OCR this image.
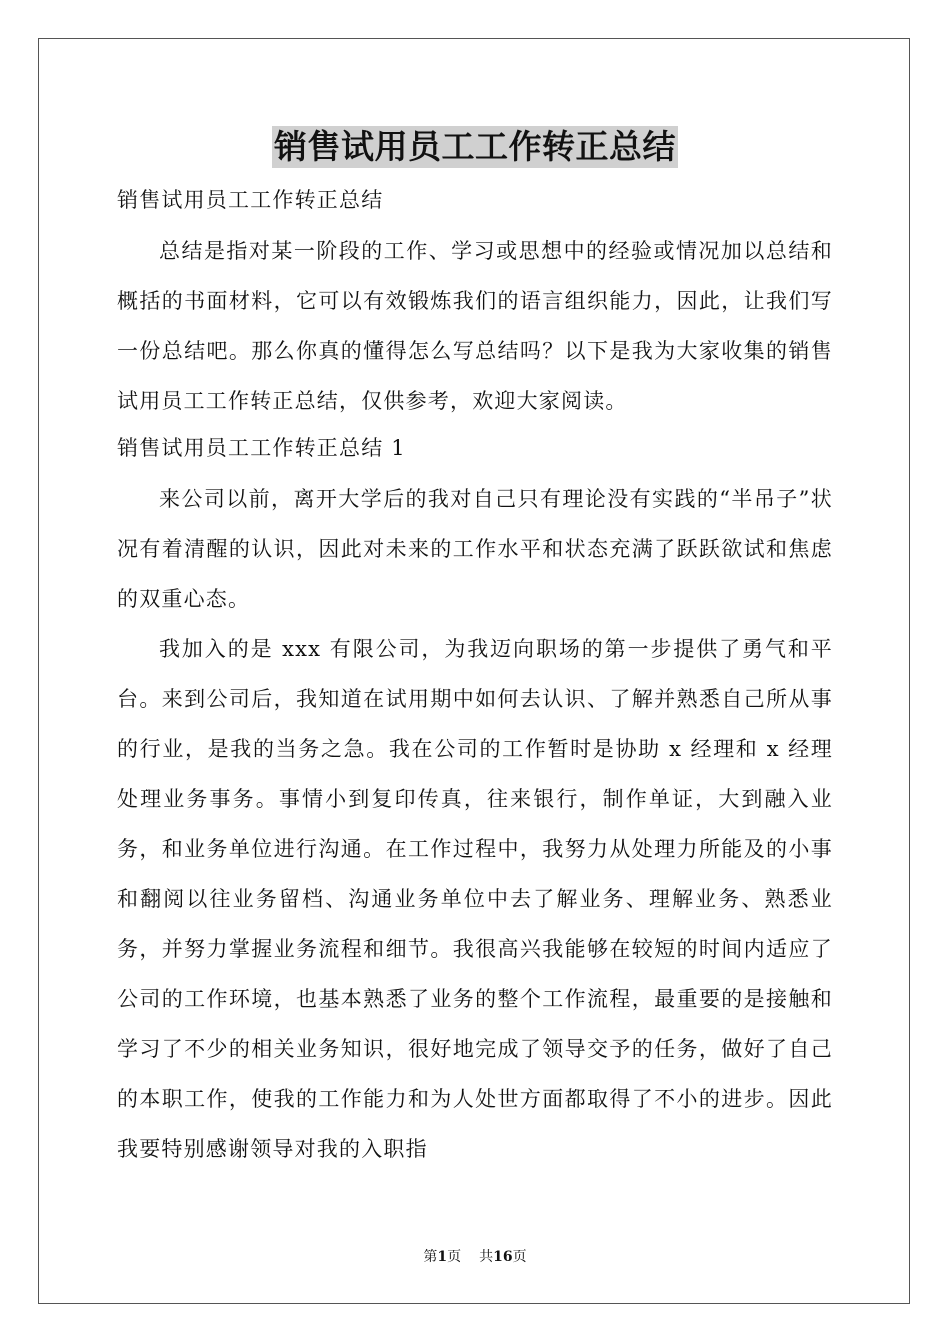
销售试用员工工作转正总结
销售试用员工工作转正总结

总结是指对某一阶段的工作、学习或思想中的经验或情况加以总结和概括的书面材料，它可以有效锻炼我们的语言组织能力，因此，让我们写一份总结吧。那么你真的懂得怎么写总结吗？以下是我为大家收集的销售试用员工工作转正总结，仅供参考，欢迎大家阅读。

销售试用员工工作转正总结 1

来公司以前，离开大学后的我对自己只有理论没有实践的“半吊子”状况有着清醒的认识，因此对未来的工作水平和状态充满了跃跃欲试和焦虑的双重心态。

我加入的是 xxx 有限公司，为我迈向职场的第一步提供了勇气和平台。来到公司后，我知道在试用期中如何去认识、了解并熟悉自己所从事的行业，是我的当务之急。我在公司的工作暂时是协助 x 经理和 x 经理处理业务事务。事情小到复印传真，往来银行，制作单证，大到融入业务，和业务单位进行沟通。在工作过程中，我努力从处理力所能及的小事和翻阅以往业务留档、沟通业务单位中去了解业务、理解业务、熟悉业务，并努力掌握业务流程和细节。我很高兴我能够在较短的时间内适应了公司的工作环境，也基本熟悉了业务的整个工作流程，最重要的是接触和学习了不少的相关业务知识，很好地完成了领导交予的任务，做好了自己的本职工作，使我的工作能力和为人处世方面都取得了不小的进步。因此我要特别感谢领导对我的入职指

第1页 共16页
